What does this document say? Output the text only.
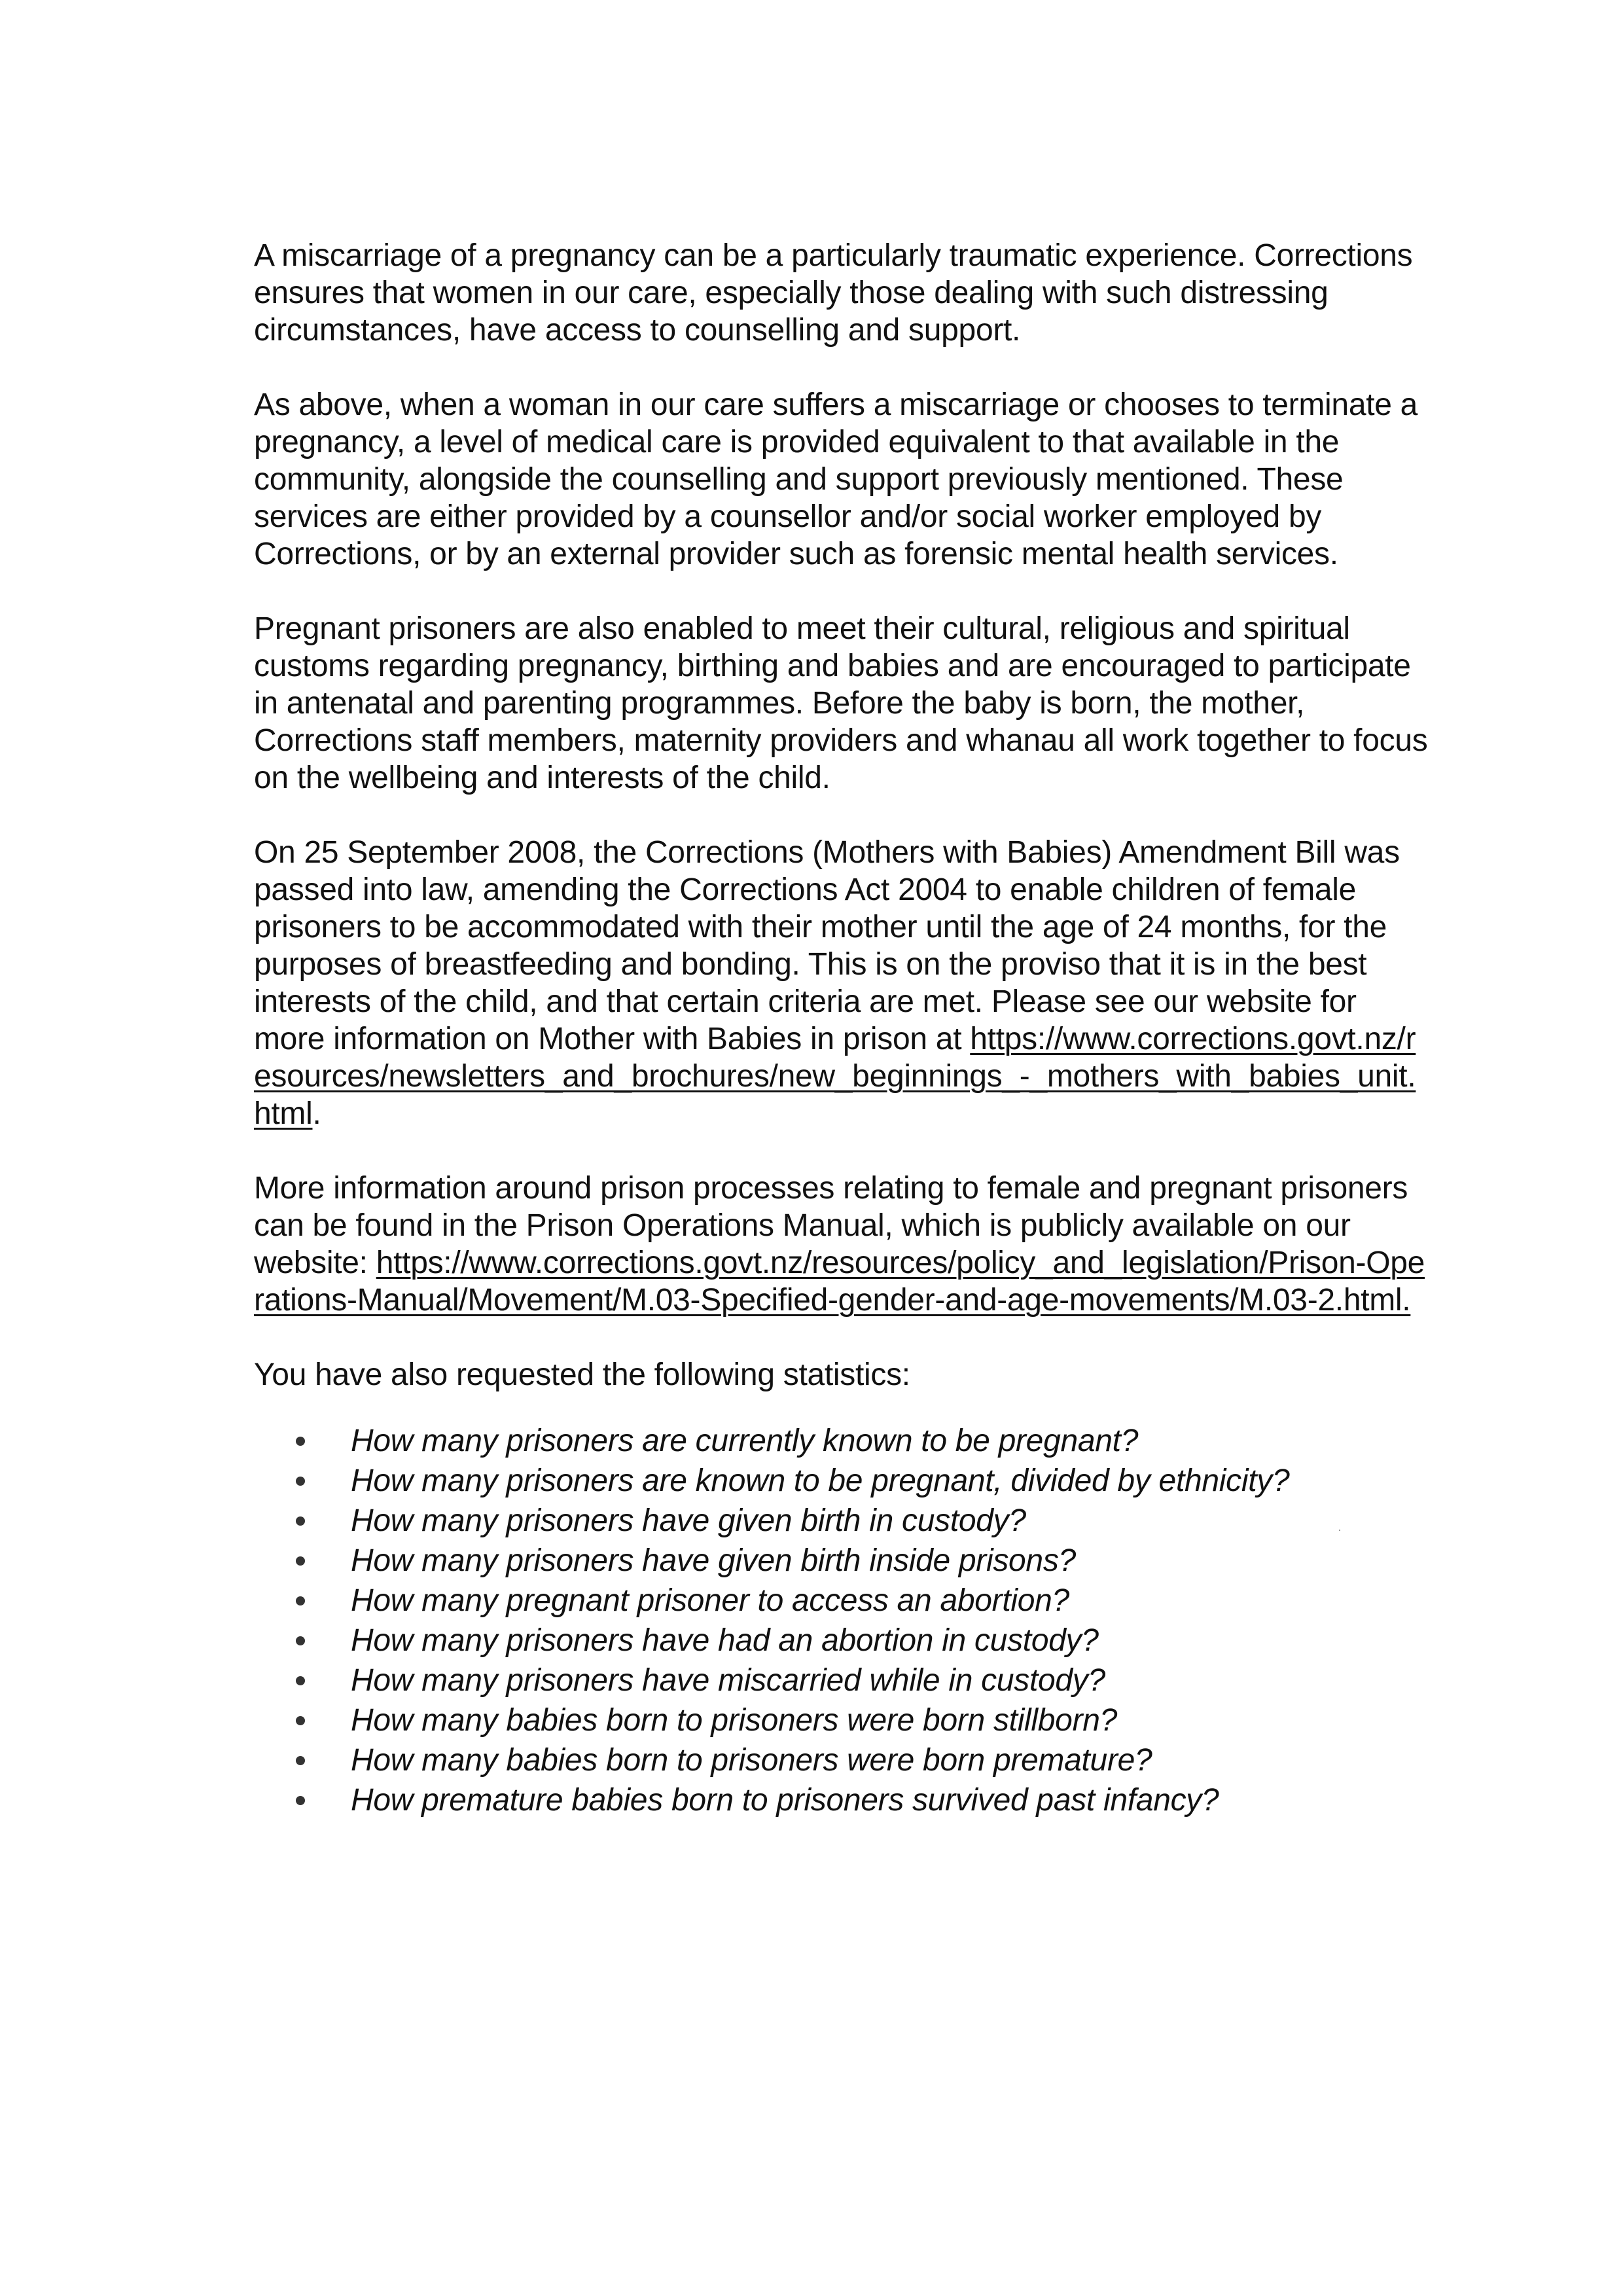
A miscarriage of a pregnancy can be a particularly traumatic experience. Corrections ensures that women in our care, especially those dealing with such distressing circumstances, have access to counselling and support.

As above, when a woman in our care suffers a miscarriage or chooses to terminate a pregnancy, a level of medical care is provided equivalent to that available in the community, alongside the counselling and support previously mentioned. These services are either provided by a counsellor and/or social worker employed by Corrections, or by an external provider such as forensic mental health services.

Pregnant prisoners are also enabled to meet their cultural, religious and spiritual customs regarding pregnancy, birthing and babies and are encouraged to participate in antenatal and parenting programmes. Before the baby is born, the mother, Corrections staff members, maternity providers and whanau all work together to focus on the wellbeing and interests of the child.

On 25 September 2008, the Corrections (Mothers with Babies) Amendment Bill was passed into law, amending the Corrections Act 2004 to enable children of female prisoners to be accommodated with their mother until the age of 24 months, for the purposes of breastfeeding and bonding. This is on the proviso that it is in the best interests of the child, and that certain criteria are met. Please see our website for more information on Mother with Babies in prison at https://www.corrections.govt.nz/resources/newsletters_and_brochures/new_beginnings_-_mothers_with_babies_unit.html.

More information around prison processes relating to female and pregnant prisoners can be found in the Prison Operations Manual, which is publicly available on our website: https://www.corrections.govt.nz/resources/policy_and_legislation/Prison-Operations-Manual/Movement/M.03-Specified-gender-and-age-movements/M.03-2.html.

You have also requested the following statistics:

How many prisoners are currently known to be pregnant?
How many prisoners are known to be pregnant, divided by ethnicity?
How many prisoners have given birth in custody?
How many prisoners have given birth inside prisons?
How many pregnant prisoner to access an abortion?
How many prisoners have had an abortion in custody?
How many prisoners have miscarried while in custody?
How many babies born to prisoners were born stillborn?
How many babies born to prisoners were born premature?
How premature babies born to prisoners survived past infancy?
